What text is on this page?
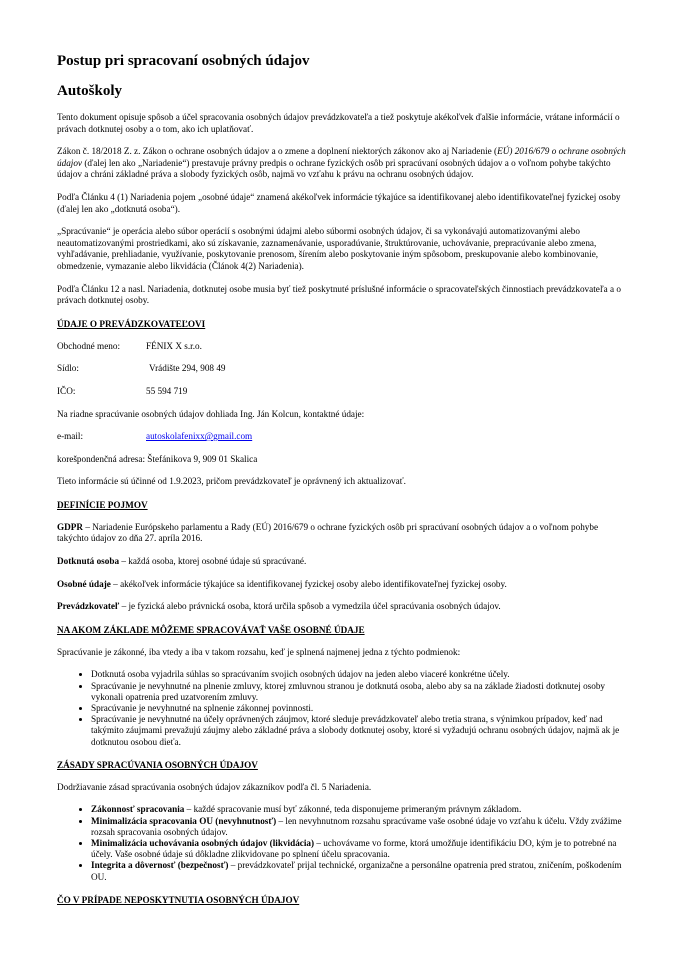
Postup pri spracovaní osobných údajov
Autoškoly

Tento dokument opisuje spôsob a účel spracovania osobných údajov prevádzkovateľa a tiež poskytuje akékoľvek ďalšie informácie, vrátane informácií o právach dotknutej osoby a o tom, ako ich uplatňovať.

Zákon č. 18/2018 Z. z. Zákon o ochrane osobných údajov a o zmene a doplnení niektorých zákonov ako aj Nariadenie (EÚ) 2016/679 o ochrane osobných údajov (ďalej len ako „Nariadenie“) prestavuje právny predpis o ochrane fyzických osôb pri spracúvaní osobných údajov a o voľnom pohybe takýchto údajov a chráni základné práva a slobody fyzických osôb, najmä vo vzťahu k právu na ochranu osobných údajov.

Podľa Článku 4 (1) Nariadenia pojem „osobné údaje“ znamená akékoľvek informácie týkajúce sa identifikovanej alebo identifikovateľnej fyzickej osoby (ďalej len ako „dotknutá osoba“).

„Spracúvanie“ je operácia alebo súbor operácií s osobnými údajmi alebo súbormi osobných údajov, či sa vykonávajú automatizovanými alebo neautomatizovanými prostriedkami, ako sú získavanie, zaznamenávanie, usporadúvanie, štruktúrovanie, uchovávanie, prepracúvanie alebo zmena, vyhľadávanie, prehliadanie, využívanie, poskytovanie prenosom, šírením alebo poskytovanie iným spôsobom, preskupovanie alebo kombinovanie, obmedzenie, vymazanie alebo likvidácia (Článok 4(2) Nariadenia).

Podľa Článku 12 a nasl. Nariadenia, dotknutej osobe musia byť tiež poskytnuté príslušné informácie o spracovateľských činnostiach prevádzkovateľa a o právach dotknutej osoby.

ÚDAJE O PREVÁDZKOVATEĽOVI
Obchodné meno:	FÉNIX X s.r.o.
Sídlo:	Vrádište 294, 908 49
IČO:	55 594 719

Na riadne spracúvanie osobných údajov dohliada Ing. Ján Kolcun, kontaktné údaje:

e-mail:	autoskolafenixx@gmail.com

korešpondenčná adresa: Štefánikova 9, 909 01 Skalica

Tieto informácie sú účinné od 1.9.2023, pričom prevádzkovateľ je oprávnený ich aktualizovať.

DEFINÍCIE POJMOV

GDPR – Nariadenie Európskeho parlamentu a Rady (EÚ) 2016/679 o ochrane fyzických osôb pri spracúvaní osobných údajov a o voľnom pohybe takýchto údajov zo dňa 27. apríla 2016.

Dotknutá osoba – každá osoba, ktorej osobné údaje sú spracúvané.

Osobné údaje – akékoľvek informácie týkajúce sa identifikovanej fyzickej osoby alebo identifikovateľnej fyzickej osoby.

Prevádzkovateľ – je fyzická alebo právnická osoba, ktorá určila spôsob a vymedzila účel spracúvania osobných údajov.

NA AKOM ZÁKLADE MÔŽEME SPRACOVÁVAŤ VAŠE OSOBNÉ ÚDAJE

Spracúvanie je zákonné, iba vtedy a iba v takom rozsahu, keď je splnená najmenej jedna z týchto podmienok:

• Dotknutá osoba vyjadrila súhlas so spracúvaním svojich osobných údajov na jeden alebo viaceré konkrétne účely.
• Spracúvanie je nevyhnutné na plnenie zmluvy, ktorej zmluvnou stranou je dotknutá osoba, alebo aby sa na základe žiadosti dotknutej osoby vykonali opatrenia pred uzatvorením zmluvy.
• Spracúvanie je nevyhnutné na splnenie zákonnej povinnosti.
• Spracúvanie je nevyhnutné na účely oprávnených záujmov, ktoré sleduje prevádzkovateľ alebo tretia strana, s výnimkou prípadov, keď nad takýmito záujmami prevažujú záujmy alebo základné práva a slobody dotknutej osoby, ktoré si vyžadujú ochranu osobných údajov, najmä ak je dotknutou osobou dieťa.
ZÁSADY SPRACÚVANIA OSOBNÝCH ÚDAJOV

Dodržiavanie zásad spracúvania osobných údajov zákazníkov podľa čl. 5 Nariadenia.

• Zákonnosť spracovania – každé spracovanie musí byť zákonné, teda disponujeme primeraným právnym základom.
• Minimalizácia spracovania OU (nevyhnutnosť) – len nevyhnutnom rozsahu spracúvame vaše osobné údaje vo vzťahu k účelu. Vždy zvážime rozsah spracovania osobných údajov.
• Minimalizácia uchovávania osobných údajov (likvidácia) – uchovávame vo forme, ktorá umožňuje identifikáciu DO, kým je to potrebné na účely. Vaše osobné údaje sú dôkladne zlikvidovane po splnení účelu spracovania.
• Integrita a dôvernosť (bezpečnosť) – prevádzkovateľ prijal technické, organizačne a personálne opatrenia pred stratou, zničením, poškodením OU.
ČO V PRÍPADE NEPOSKYTNUTIA OSOBNÝCH ÚDAJOV
